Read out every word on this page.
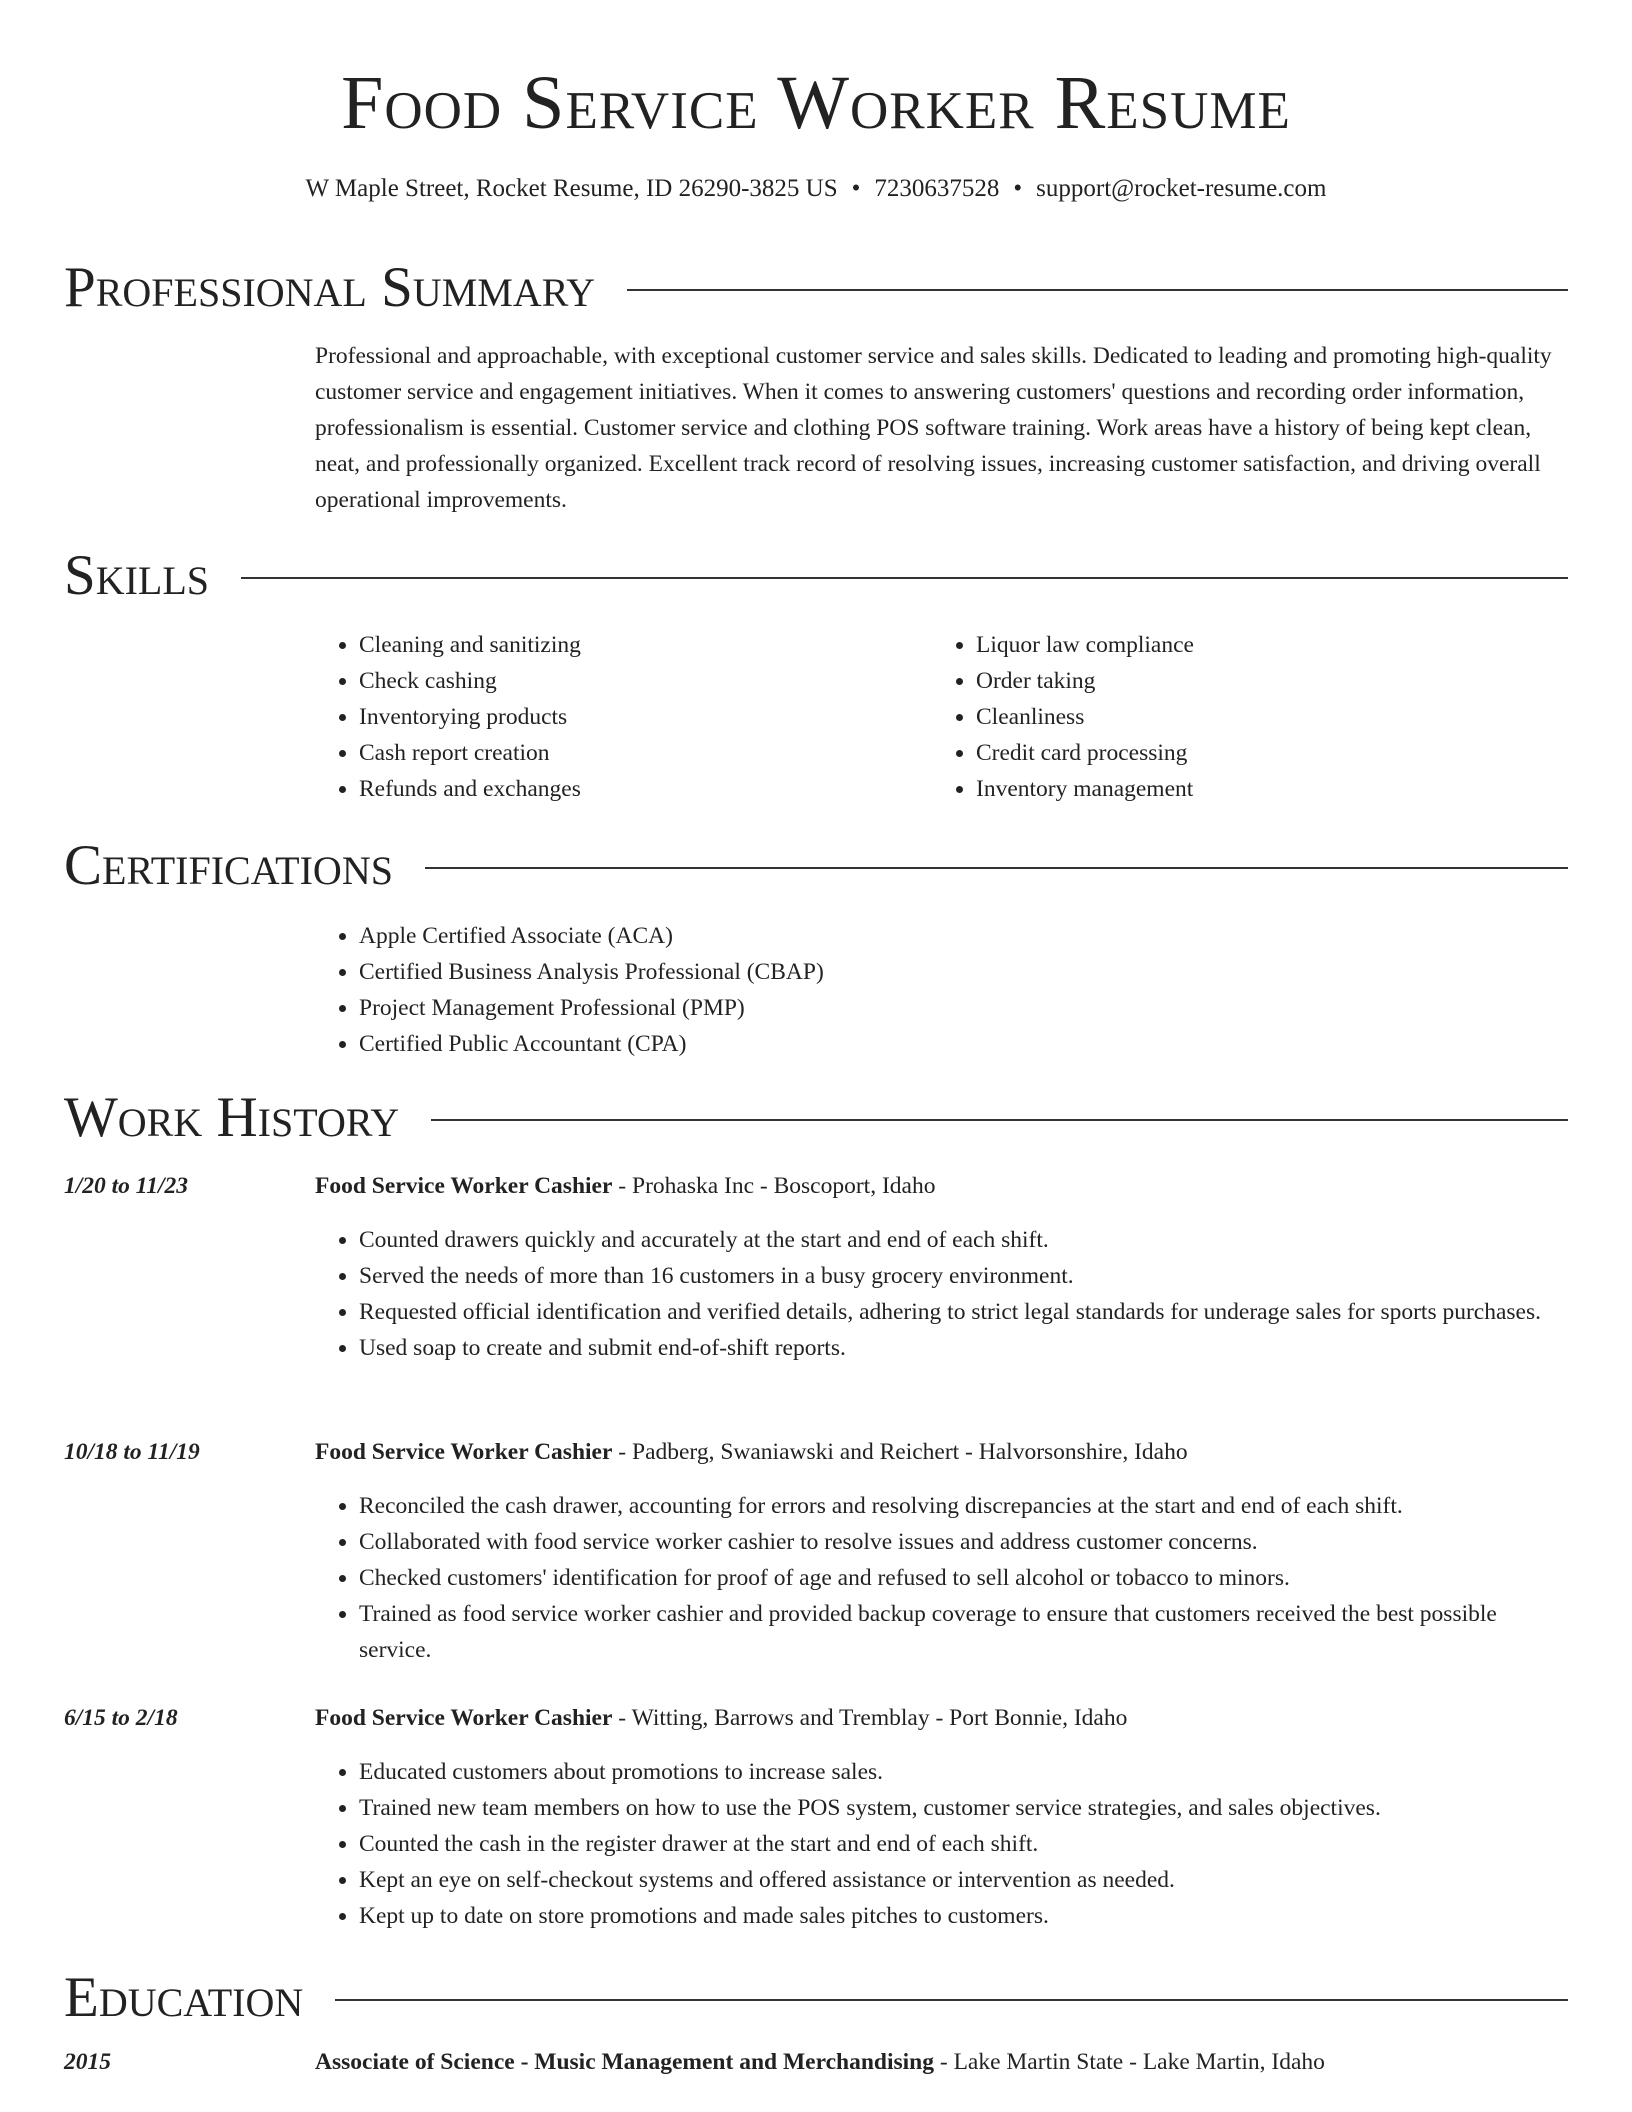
Food Service Worker Resume
W Maple Street, Rocket Resume, ID 26290-3825 US • 7230637528 • support@rocket-resume.com
Professional Summary

Professional and approachable, with exceptional customer service and sales skills. Dedicated to leading and promoting high-quality customer service and engagement initiatives. When it comes to answering customers' questions and recording order information, professionalism is essential. Customer service and clothing POS software training. Work areas have a history of being kept clean, neat, and professionally organized. Excellent track record of resolving issues, increasing customer satisfaction, and driving overall operational improvements.

Skills
• Cleaning and sanitizing
• Check cashing
• Inventorying products
• Cash report creation
• Refunds and exchanges
• Liquor law compliance
• Order taking
• Cleanliness
• Credit card processing
• Inventory management
Certifications
• Apple Certified Associate (ACA)
• Certified Business Analysis Professional (CBAP)
• Project Management Professional (PMP)
• Certified Public Accountant (CPA)
Work History
1/20 to 11/23	Food Service Worker Cashier - Prohaska Inc - Boscoport, Idaho
• Counted drawers quickly and accurately at the start and end of each shift.
• Served the needs of more than 16 customers in a busy grocery environment.
• Requested official identification and verified details, adhering to strict legal standards for underage sales for sports purchases.
• Used soap to create and submit end-of-shift reports.
10/18 to 11/19	Food Service Worker Cashier - Padberg, Swaniawski and Reichert - Halvorsonshire, Idaho
• Reconciled the cash drawer, accounting for errors and resolving discrepancies at the start and end of each shift.
• Collaborated with food service worker cashier to resolve issues and address customer concerns.
• Checked customers' identification for proof of age and refused to sell alcohol or tobacco to minors.
• Trained as food service worker cashier and provided backup coverage to ensure that customers received the best possible service.
6/15 to 2/18	Food Service Worker Cashier - Witting, Barrows and Tremblay - Port Bonnie, Idaho
• Educated customers about promotions to increase sales.
• Trained new team members on how to use the POS system, customer service strategies, and sales objectives.
• Counted the cash in the register drawer at the start and end of each shift.
• Kept an eye on self-checkout systems and offered assistance or intervention as needed.
• Kept up to date on store promotions and made sales pitches to customers.
Education
2015	Associate of Science - Music Management and Merchandising - Lake Martin State - Lake Martin, Idaho
